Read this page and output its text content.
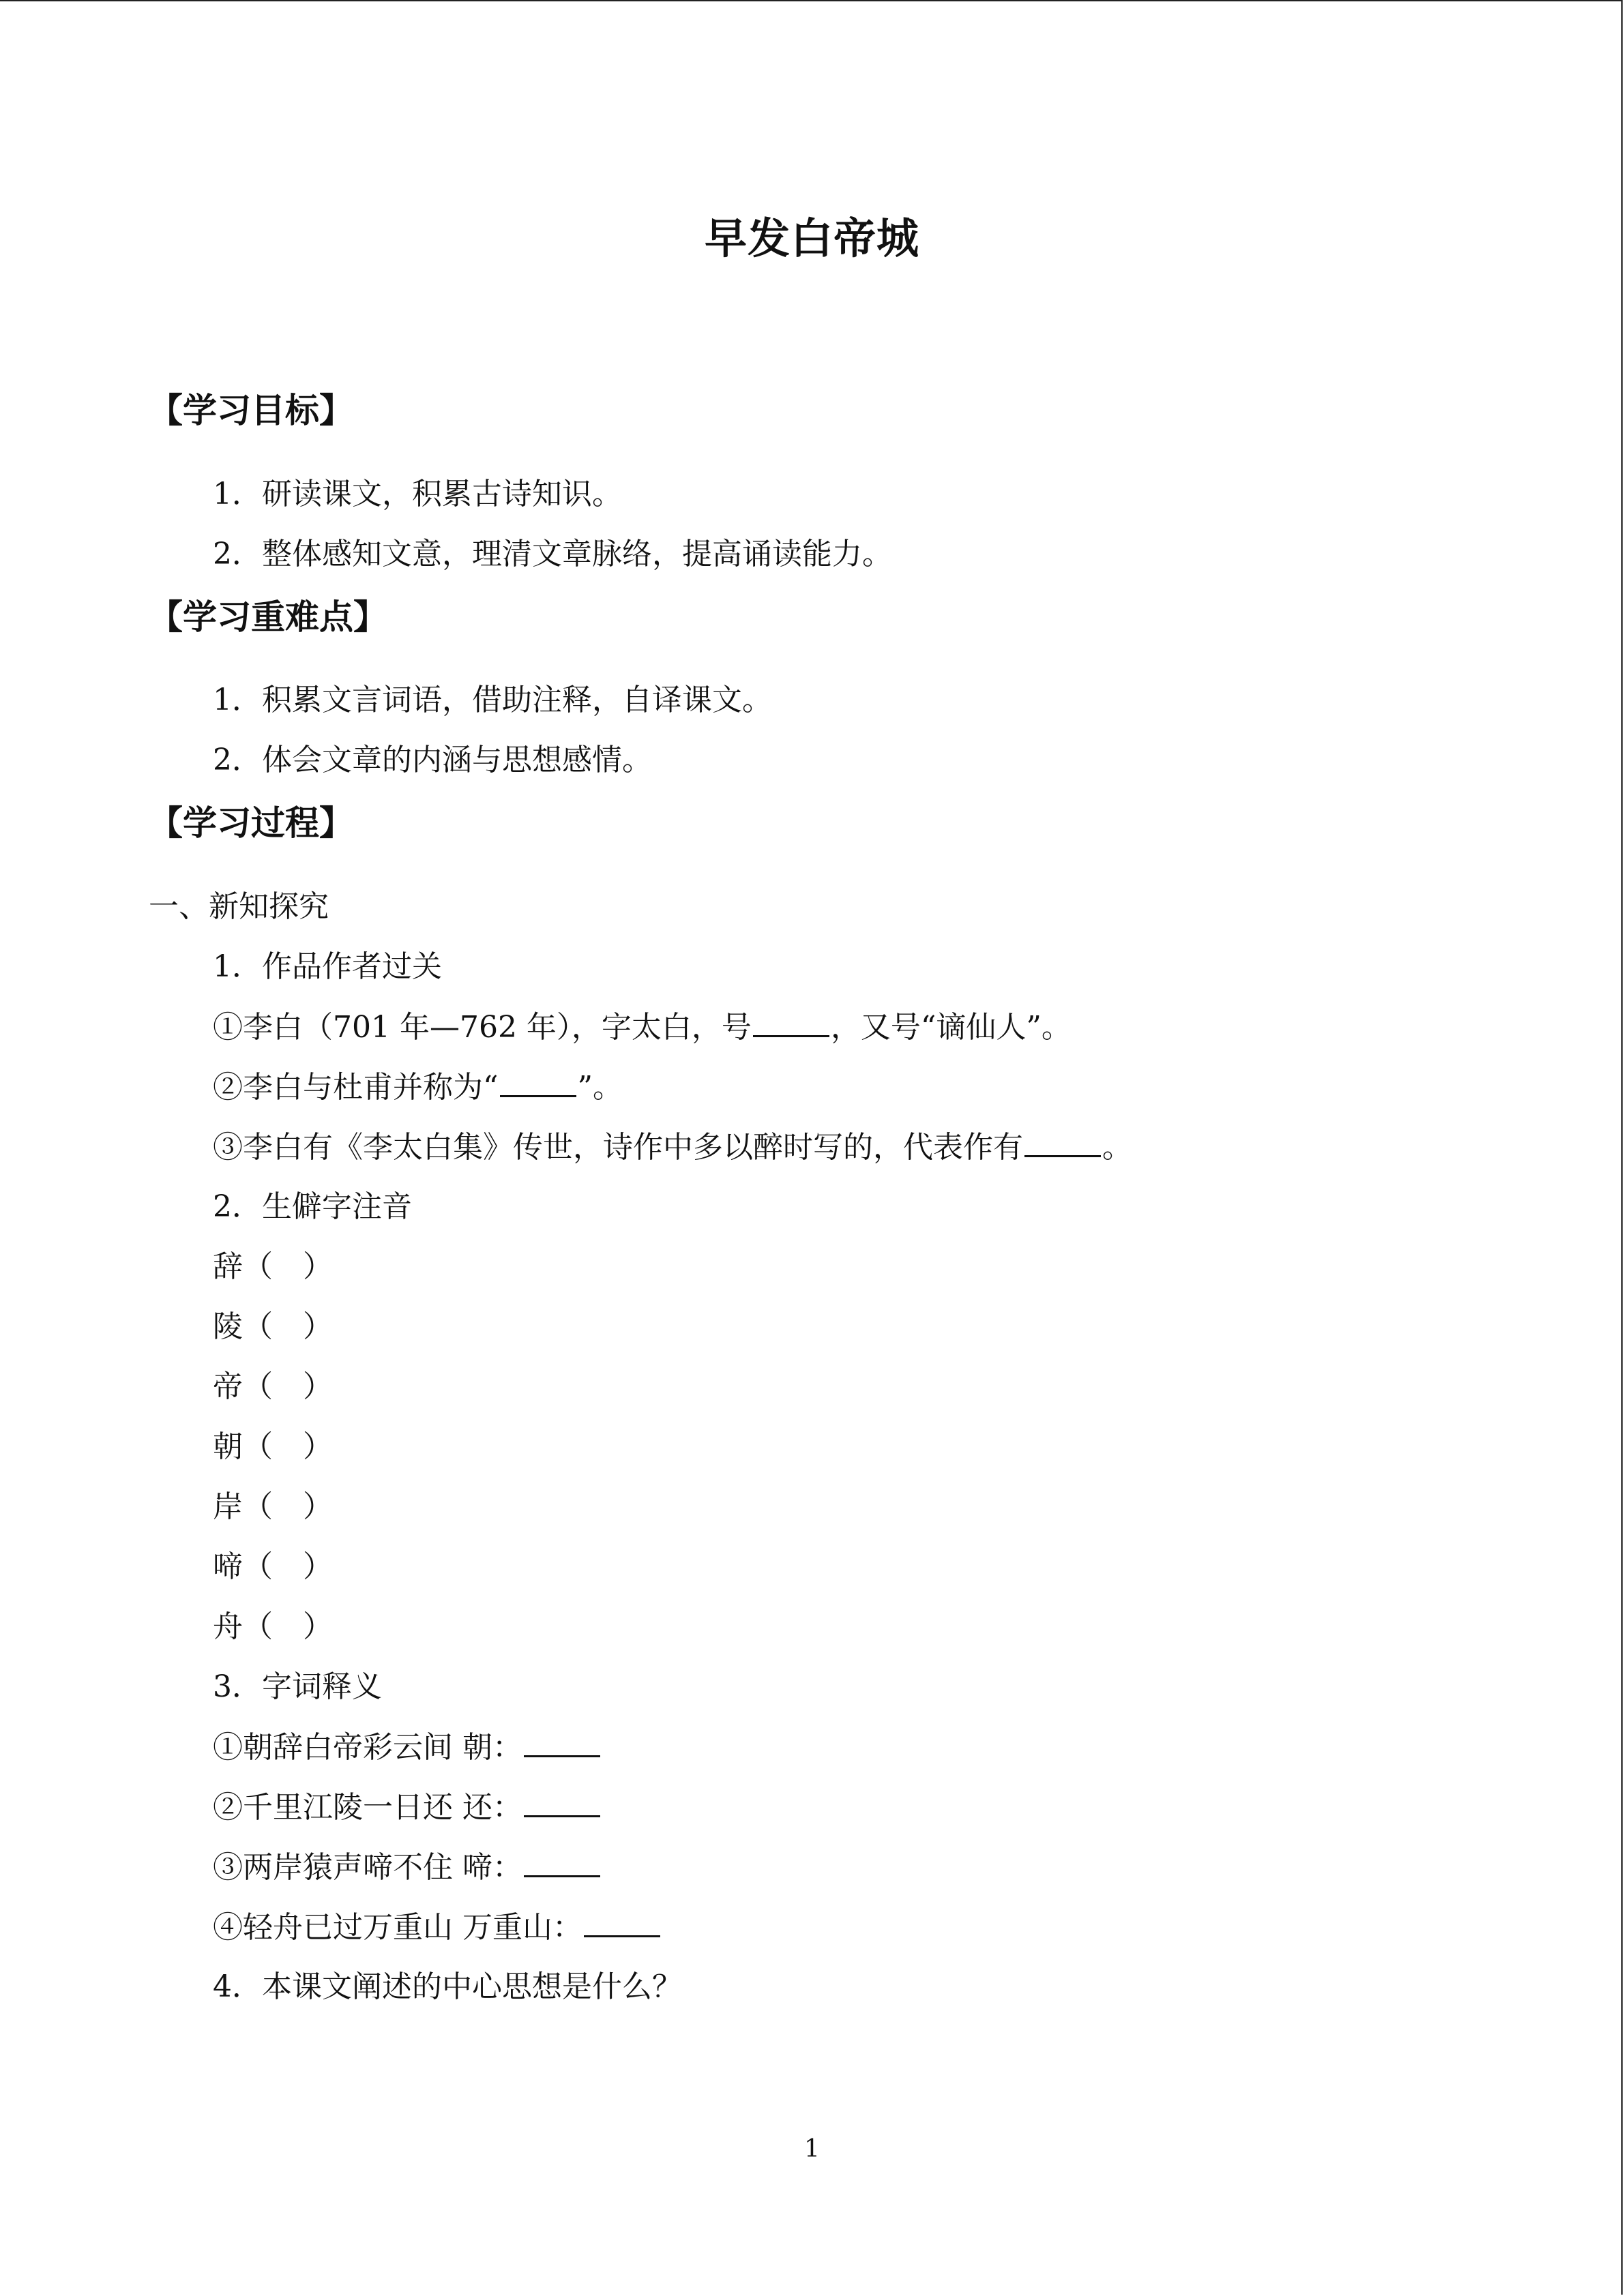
早发白帝城
【学习目标】
1．研读课文，积累古诗知识。
2．整体感知文意，理清文章脉络，提高诵读能力。
【学习重难点】
1．积累文言词语，借助注释，自译课文。
2．体会文章的内涵与思想感情。
【学习过程】
一、新知探究
1．作品作者过关
①李白（701 年—762 年），字太白，号	，又号“谪仙人”。
②李白与杜甫并称为“	”。
③李白有《李太白集》传世，诗作中多以醉时写的，代表作有	。
2．生僻字注音
辞（ ）
陵（ ）
帝（ ）
朝（ ）
岸（ ）
啼（ ）
舟（ ）
3．字词释义
①朝辞白帝彩云间 朝：
②千里江陵一日还 还：
③两岸猿声啼不住 啼：
④轻舟已过万重山 万重山：
4．本课文阐述的中心思想是什么？
1
